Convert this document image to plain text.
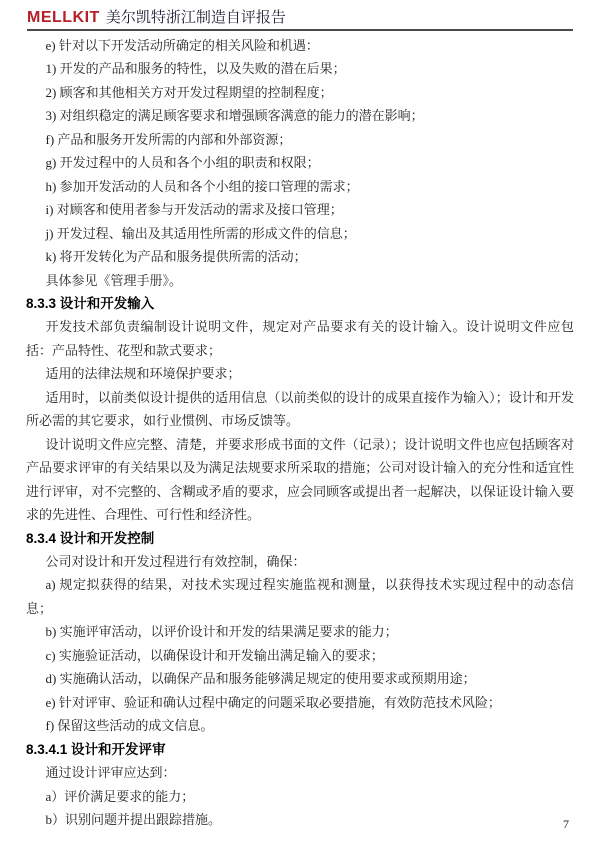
MELLKIT 美尔凯特浙江制造自评报告
e) 针对以下开发活动所确定的相关风险和机遇：
1) 开发的产品和服务的特性，以及失败的潜在后果；
2) 顾客和其他相关方对开发过程期望的控制程度；
3) 对组织稳定的满足顾客要求和增强顾客满意的能力的潜在影响；
f) 产品和服务开发所需的内部和外部资源；
g) 开发过程中的人员和各个小组的职责和权限；
h) 参加开发活动的人员和各个小组的接口管理的需求；
i) 对顾客和使用者参与开发活动的需求及接口管理；
j) 开发过程、输出及其适用性所需的形成文件的信息；
k) 将开发转化为产品和服务提供所需的活动；
具体参见《管理手册》。
8.3.3 设计和开发输入
开发技术部负责编制设计说明文件，规定对产品要求有关的设计输入。设计说明文件应包括：产品特性、花型和款式要求；
适用的法律法规和环境保护要求；
适用时，以前类似设计提供的适用信息（以前类似的设计的成果直接作为输入）；设计和开发所必需的其它要求，如行业惯例、市场反馈等。
设计说明文件应完整、清楚，并要求形成书面的文件（记录）；设计说明文件也应包括顾客对产品要求评审的有关结果以及为满足法规要求所采取的措施；公司对设计输入的充分性和适宜性进行评审，对不完整的、含糊或矛盾的要求，应会同顾客或提出者一起解决，以保证设计输入要求的先进性、合理性、可行性和经济性。
8.3.4 设计和开发控制
公司对设计和开发过程进行有效控制，确保：
a) 规定拟获得的结果，对技术实现过程实施监视和测量，以获得技术实现过程中的动态信息；
b) 实施评审活动，以评价设计和开发的结果满足要求的能力；
c) 实施验证活动，以确保设计和开发输出满足输入的要求；
d) 实施确认活动，以确保产品和服务能够满足规定的使用要求或预期用途；
e) 针对评审、验证和确认过程中确定的问题采取必要措施，有效防范技术风险；
f) 保留这些活动的成文信息。
8.3.4.1 设计和开发评审
通过设计评审应达到：
a）评价满足要求的能力；
b）识别问题并提出跟踪措施。	7
